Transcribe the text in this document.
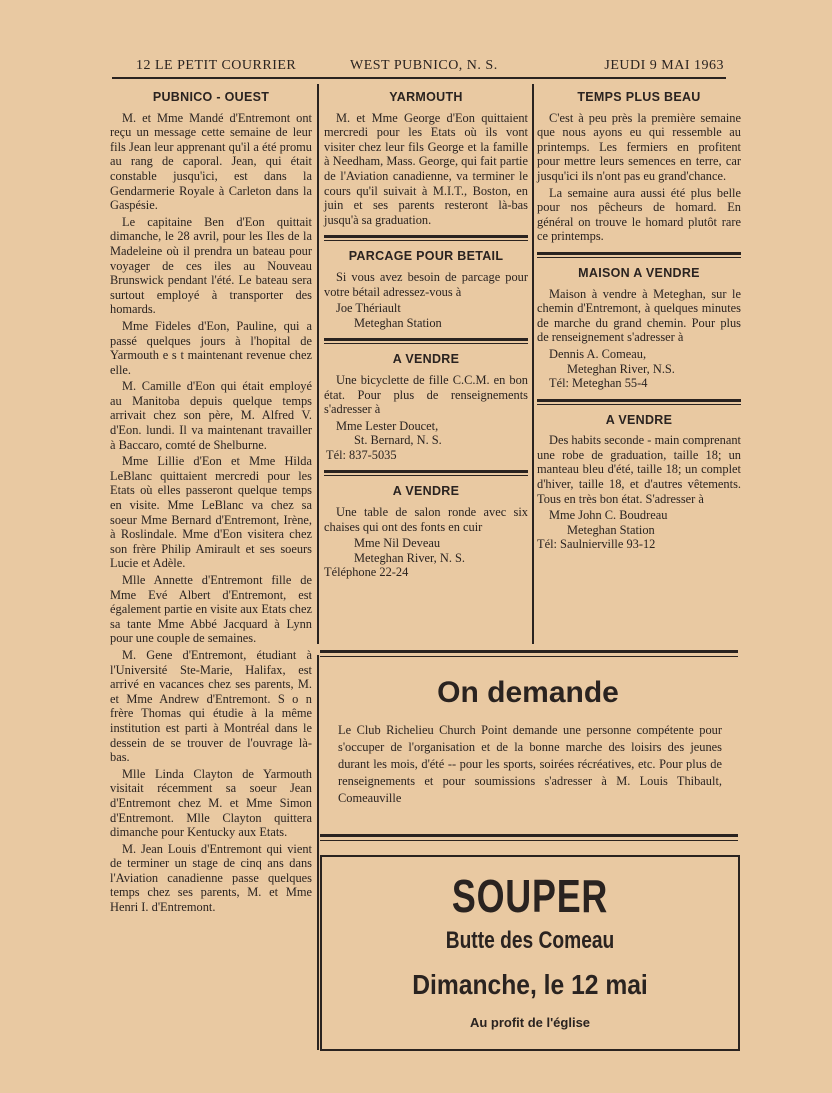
12 LE PETIT COURRIER	WEST PUBNICO, N. S.	JEUDI 9 MAI 1963
PUBNICO - OUEST

M. et Mme Mandé d'Entremont ont reçu un message cette semaine de leur fils Jean leur apprenant qu'il a été promu au rang de caporal. Jean, qui était constable jusqu'ici, est dans la Gendarmerie Royale à Carleton dans la Gaspésie.

Le capitaine Ben d'Eon quittait dimanche, le 28 avril, pour les Iles de la Madeleine où il prendra un bateau pour voyager de ces iles au Nouveau Brunswick pendant l'été. Le bateau sera surtout employé à transporter des homards.

Mme Fideles d'Eon, Pauline, qui a passé quelques jours à l'hopital de Yarmouth e s t maintenant revenue chez elle.

M. Camille d'Eon qui était employé au Manitoba depuis quelque temps arrivait chez son père, M. Alfred V. d'Eon. lundi. Il va maintenant travailler à Baccaro, comté de Shelburne.

Mme Lillie d'Eon et Mme Hilda LeBlanc quittaient mercredi pour les Etats où elles passeront quelque temps en visite. Mme LeBlanc va chez sa soeur Mme Bernard d'Entremont, Irène, à Roslindale. Mme d'Eon visitera chez son frère Philip Amirault et ses soeurs Lucie et Adèle.

Mlle Annette d'Entremont fille de Mme Evé Albert d'Entremont, est également partie en visite aux Etats chez sa tante Mme Abbé Jacquard à Lynn pour une couple de semaines.

M. Gene d'Entremont, étudiant à l'Université Ste-Marie, Halifax, est arrivé en vacances chez ses parents, M. et Mme Andrew d'Entremont. S o n frère Thomas qui étudie à la même institution est parti à Montréal dans le dessein de se trouver de l'ouvrage là-bas.

Mlle Linda Clayton de Yarmouth visitait récemment sa soeur Jean d'Entremont chez M. et Mme Simon d'Entremont. Mlle Clayton quittera dimanche pour Kentucky aux Etats.

M. Jean Louis d'Entremont qui vient de terminer un stage de cinq ans dans l'Aviation canadienne passe quelques temps chez ses parents, M. et Mme Henri I. d'Entremont.

YARMOUTH

M. et Mme George d'Eon quittaient mercredi pour les Etats où ils vont visiter chez leur fils George et la famille à Needham, Mass. George, qui fait partie de l'Aviation canadienne, va terminer le cours qu'il suivait à M.I.T., Boston, en juin et ses parents resteront là-bas jusqu'à sa graduation.

PARCAGE POUR BETAIL

Si vous avez besoin de parcage pour votre bétail adressez-vous à

Joe Thériault
Meteghan Station
A VENDRE

Une bicyclette de fille C.C.M. en bon état. Pour plus de renseignements s'adresser à

Mme Lester Doucet,
St. Bernard, N. S.
Tél: 837-5035
A VENDRE

Une table de salon ronde avec six chaises qui ont des fonts en cuir

Mme Nil Deveau
Meteghan River, N. S.
Téléphone 22-24
TEMPS PLUS BEAU

C'est à peu près la première semaine que nous ayons eu qui ressemble au printemps. Les fermiers en profitent pour mettre leurs semences en terre, car jusqu'ici ils n'ont pas eu grand'chance.

La semaine aura aussi été plus belle pour nos pêcheurs de homard. En général on trouve le homard plutôt rare ce printemps.

MAISON A VENDRE

Maison à vendre à Meteghan, sur le chemin d'Entremont, à quelques minutes de marche du grand chemin. Pour plus de renseignement s'adresser à

Dennis A. Comeau,
Meteghan River, N.S.
Tél: Meteghan 55-4
A VENDRE

Des habits seconde - main comprenant une robe de graduation, taille 18; un manteau bleu d'été, taille 18; un complet d'hiver, taille 18, et d'autres vêtements. Tous en très bon état. S'adresser à

Mme John C. Boudreau
Meteghan Station
Tél: Saulnierville 93-12
On demande
Le Club Richelieu Church Point demande une personne compétente pour s'occuper de l'organisation et de la bonne marche des loisirs des jeunes durant les mois, d'été -- pour les sports, soirées récréatives, etc. Pour plus de renseignements et pour soumissions s'adresser à M. Louis Thibault, Comeauville
SOUPER
Butte des Comeau
Dimanche, le 12 mai
Au profit de l'église
